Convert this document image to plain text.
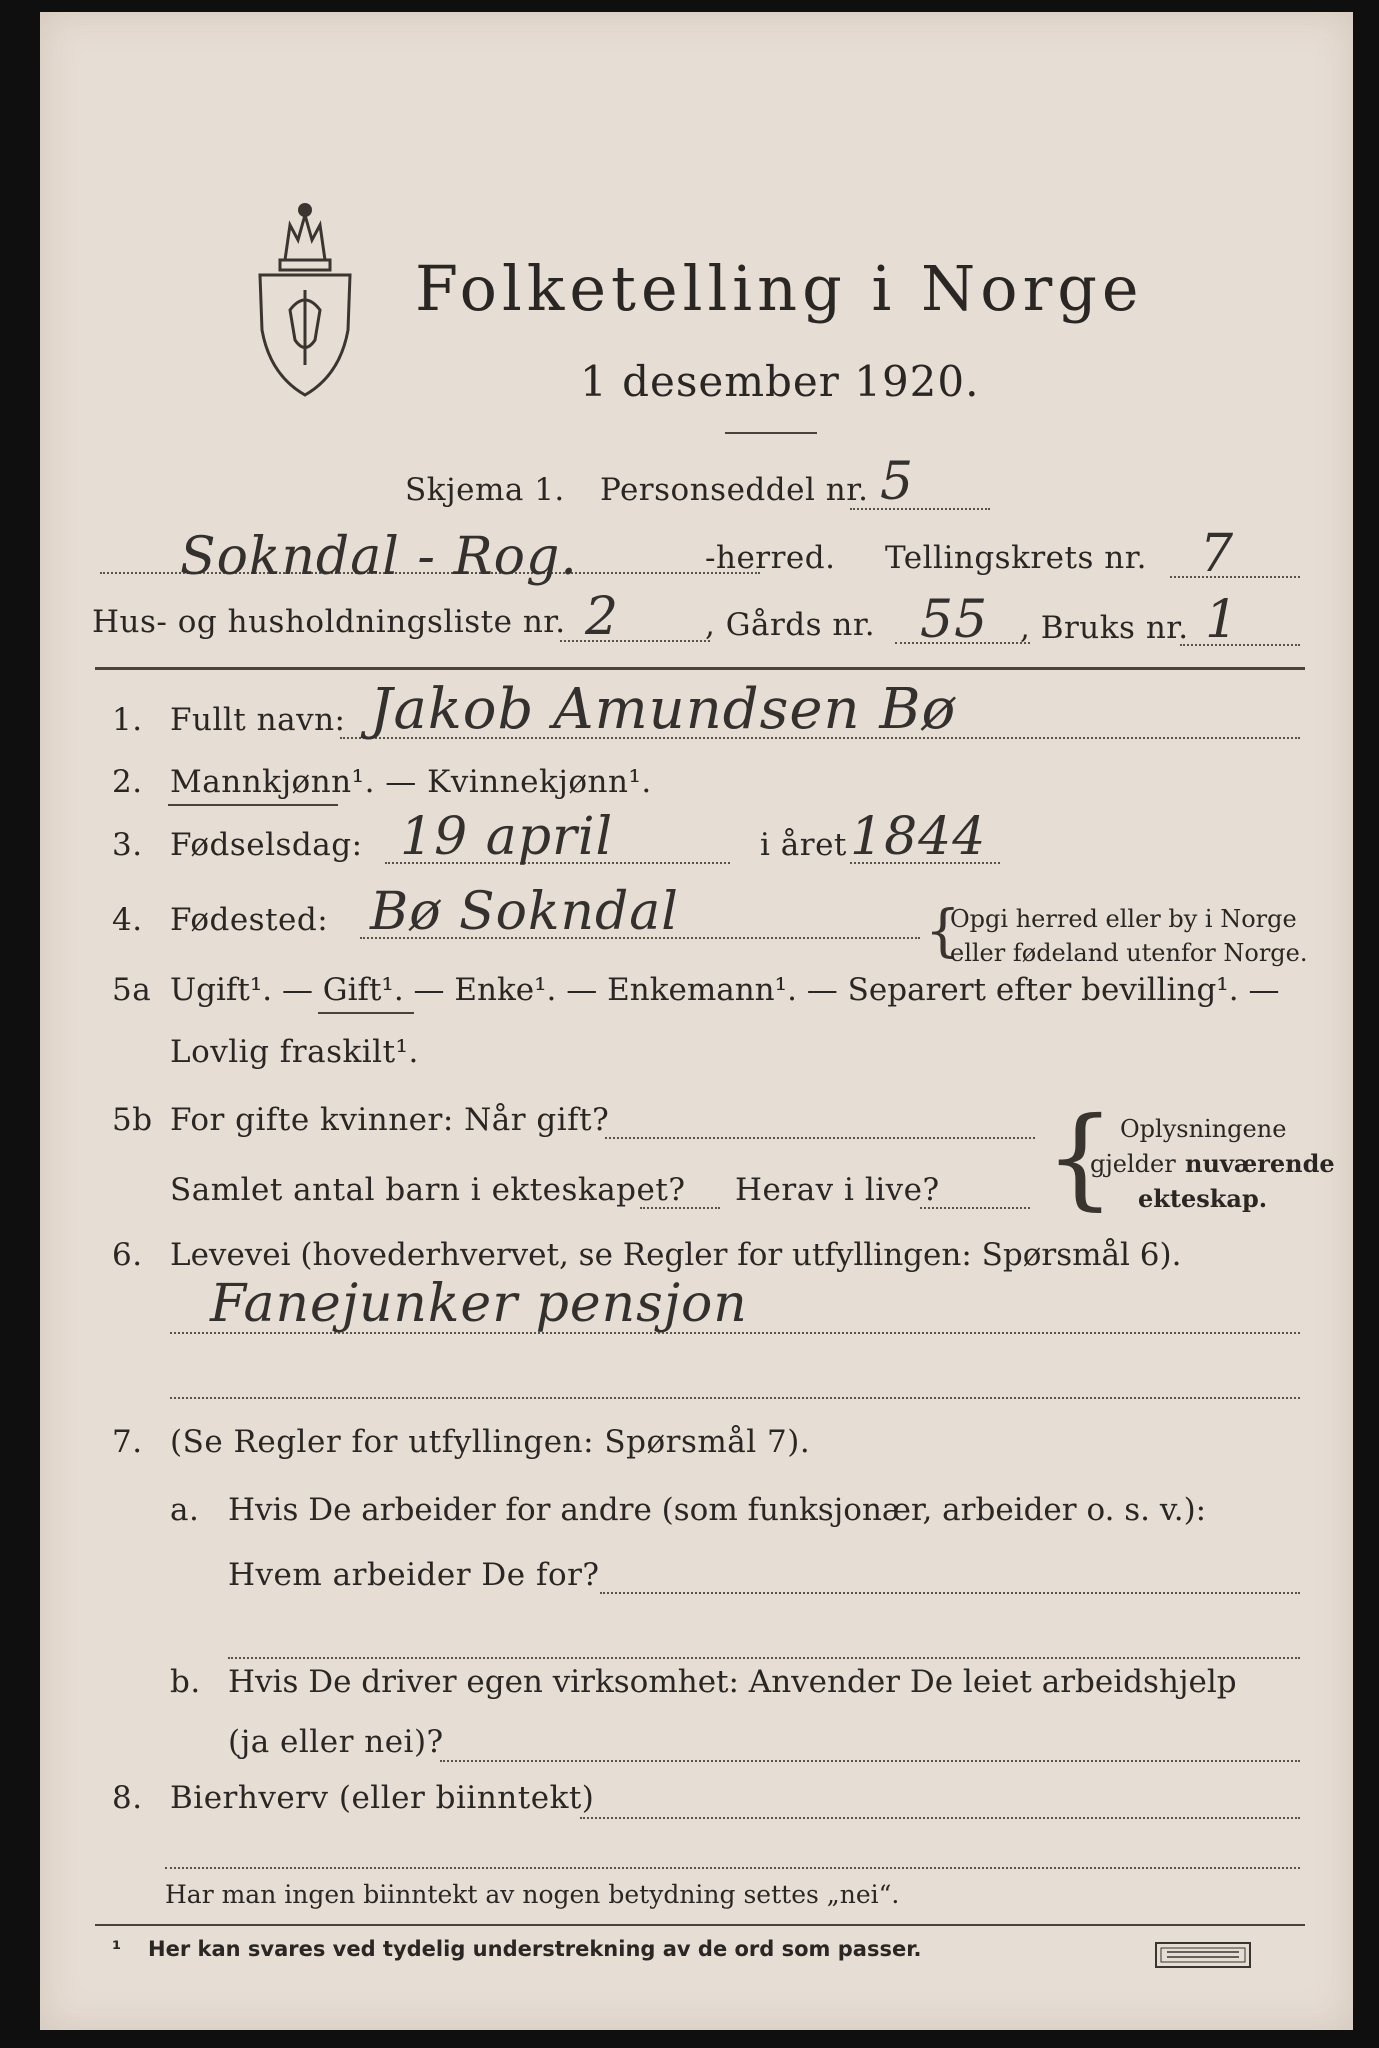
Folketelling i Norge
1 desember 1920.
Skjema 1. Personseddel nr. 5
Sokndal - Rog.	-herred. Tellingskrets nr. 7
Hus- og husholdningsliste nr. 2	, Gårds nr. 55 , Bruks nr. 1
1. Fullt navn: Jakob Amundsen Bø
2. Mannkjønn¹. — Kvinnekjønn¹.
3. Fødselsdag: 19 april	i året 1844
4. Fødested: Bø Sokndal	{
Opgi herred eller by i Norge
eller fødeland utenfor Norge.
5a Ugift¹. — Gift¹. — Enke¹. — Enkemann¹. — Separert efter bevilling¹. —
Lovlig fraskilt¹.
5b For gifte kvinner: Når gift?
Samlet antal barn i ekteskapet? Herav i live? { Oplysningene
gjelder nuværende
ekteskap.
6. Levevei (hovederhvervet, se Regler for utfyllingen: Spørsmål 6).
Fanejunker pensjon
7. (Se Regler for utfyllingen: Spørsmål 7).
a. Hvis De arbeider for andre (som funksjonær, arbeider o. s. v.):
Hvem arbeider De for?
b. Hvis De driver egen virksomhet: Anvender De leiet arbeidshjelp
(ja eller nei)?
8. Bierhverv (eller biinntekt)
Har man ingen biinntekt av nogen betydning settes „nei“.
¹ Her kan svares ved tydelig understrekning av de ord som passer.
